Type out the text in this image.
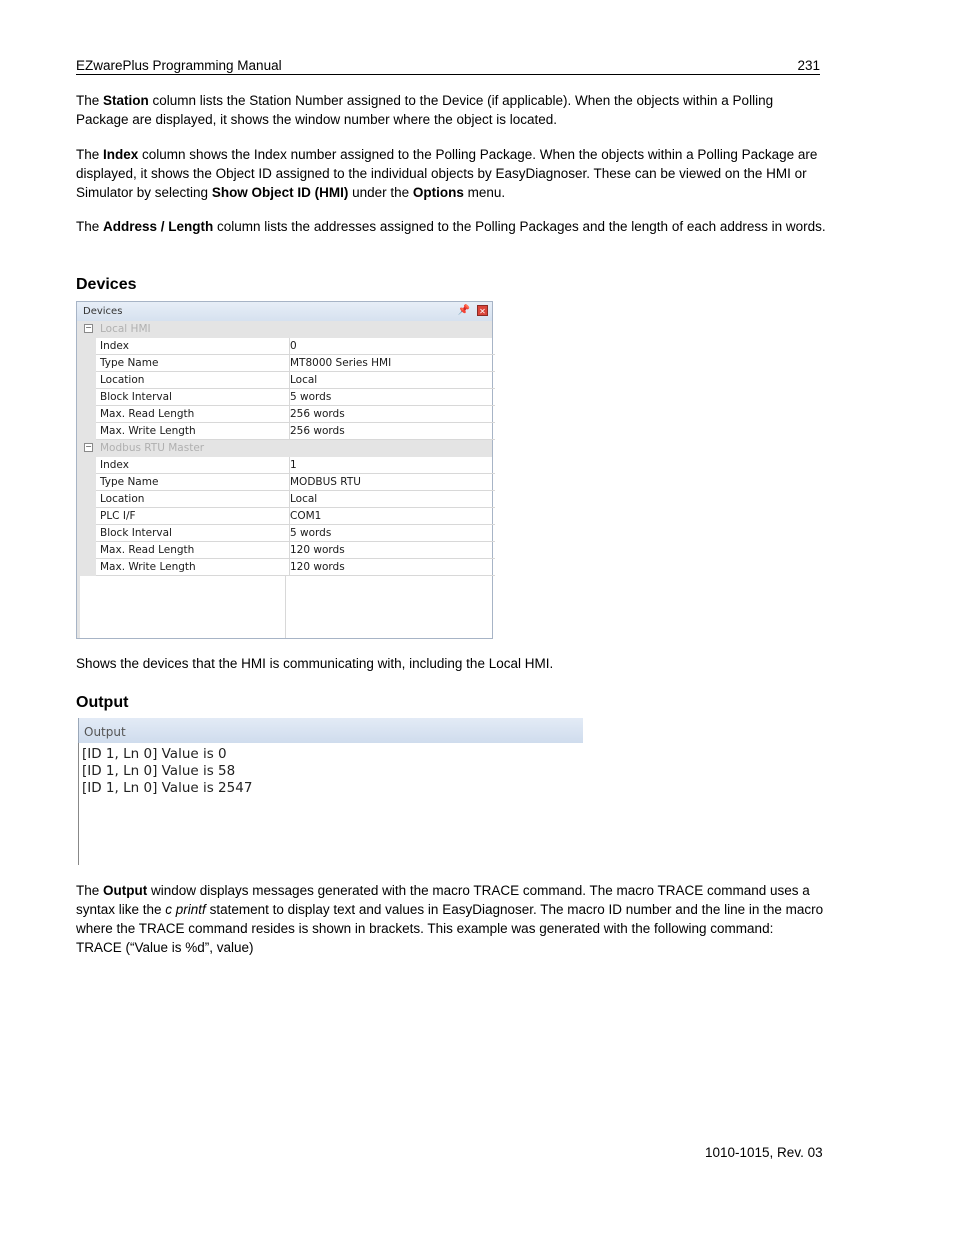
EZwarePlus Programming Manual	231

The Station column lists the Station Number assigned to the Device (if applicable). When the objects within a Polling Package are displayed, it shows the window number where the object is located.

The Index column shows the Index number assigned to the Polling Package. When the objects within a Polling Package are displayed, it shows the Object ID assigned to the individual objects by EasyDiagnoser. These can be viewed on the HMI or Simulator by selecting Show Object ID (HMI) under the Options menu.

The Address / Length column lists the addresses assigned to the Polling Packages and the length of each address in words.

Devices
Devices	📌 ✕
− Local HMI
Index	0
Type Name	MT8000 Series HMI
Location	Local
Block Interval	5 words
Max. Read Length	256 words
Max. Write Length	256 words
− Modbus RTU Master
Index	1
Type Name	MODBUS RTU
Location	Local
PLC I/F	COM1
Block Interval	5 words
Max. Read Length	120 words
Max. Write Length	120 words

Shows the devices that the HMI is communicating with, including the Local HMI.

Output
Output
[ID 1, Ln 0] Value is 0
[ID 1, Ln 0] Value is 58
[ID 1, Ln 0] Value is 2547

The Output window displays messages generated with the macro TRACE command. The macro TRACE command uses a syntax like the c printf statement to display text and values in EasyDiagnoser. The macro ID number and the line in the macro where the TRACE command resides is shown in brackets. This example was generated with the following command:
TRACE (“Value is %d”, value)

1010-1015, Rev. 03
